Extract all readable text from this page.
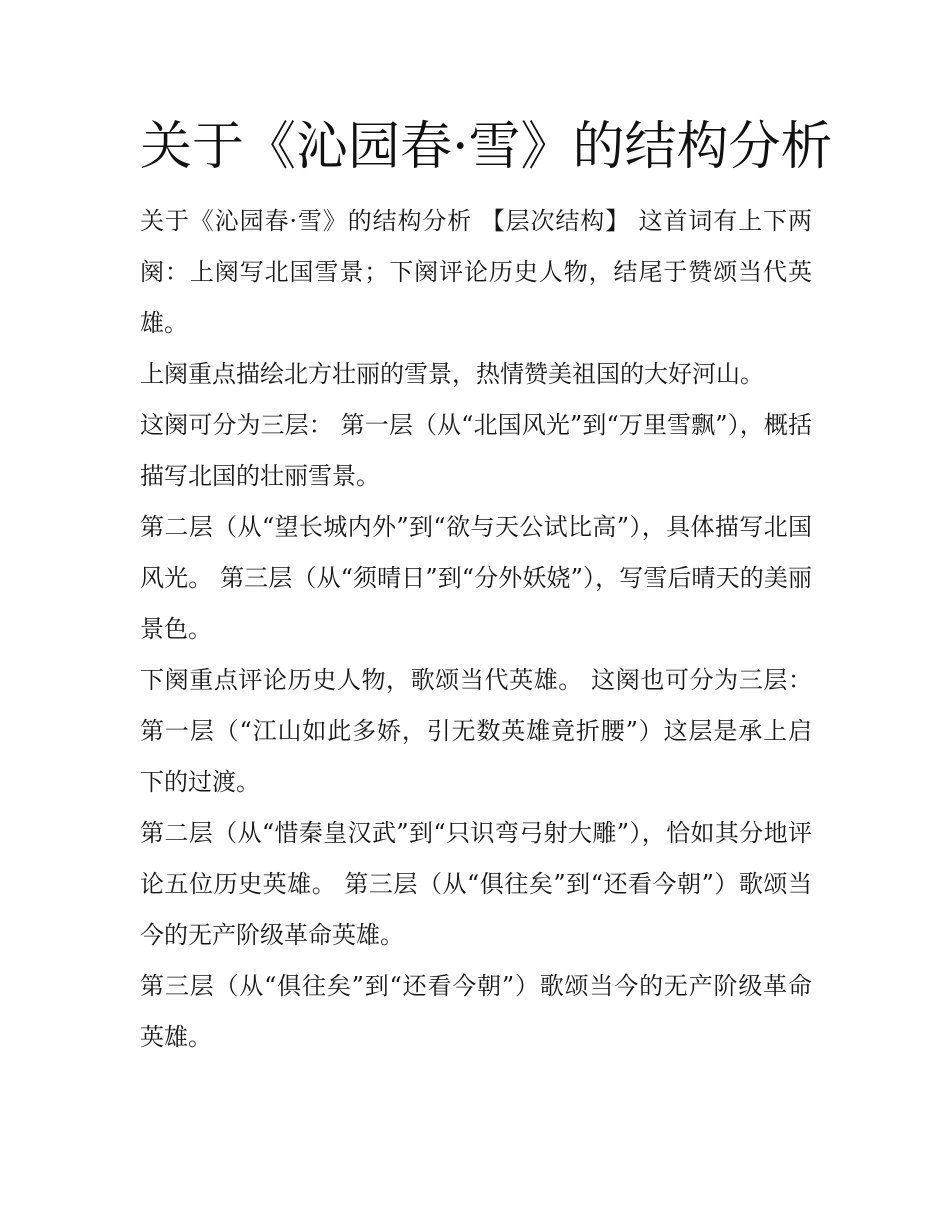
关于《沁园春·雪》的结构分析

关于《沁园春·雪》的结构分析 【层次结构】 这首词有上下两阕：上阕写北国雪景；下阕评论历史人物，结尾于赞颂当代英雄。

上阕重点描绘北方壮丽的雪景，热情赞美祖国的大好河山。

这阕可分为三层： 第一层（从“北国风光”到“万里雪飘”），概括描写北国的壮丽雪景。

第二层（从“望长城内外”到“欲与天公试比高”），具体描写北国风光。 第三层（从“须晴日”到“分外妖娆”），写雪后晴天的美丽景色。

下阕重点评论历史人物，歌颂当代英雄。 这阕也可分为三层： 第一层（“江山如此多娇，引无数英雄竟折腰”）这层是承上启下的过渡。

第二层（从“惜秦皇汉武”到“只识弯弓射大雕”），恰如其分地评论五位历史英雄。 第三层（从“俱往矣”到“还看今朝”）歌颂当今的无产阶级革命英雄。

第三层（从“俱往矣”到“还看今朝”）歌颂当今的无产阶级革命英雄。
